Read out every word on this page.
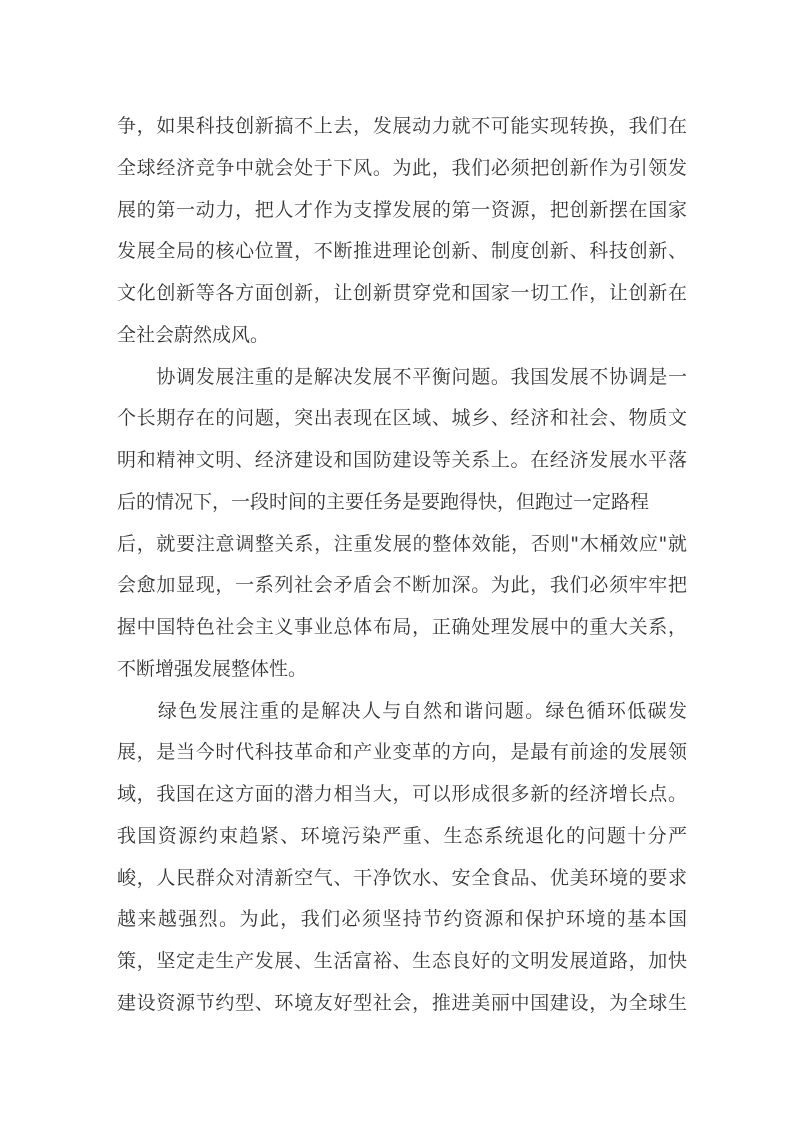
争，如果科技创新搞不上去，发展动力就不可能实现转换，我们在
全球经济竞争中就会处于下风。为此，我们必须把创新作为引领发
展的第一动力，把人才作为支撑发展的第一资源，把创新摆在国家
发展全局的核心位置，不断推进理论创新、制度创新、科技创新、
文化创新等各方面创新，让创新贯穿党和国家一切工作，让创新在
全社会蔚然成风。
　　协调发展注重的是解决发展不平衡问题。我国发展不协调是一
个长期存在的问题，突出表现在区域、城乡、经济和社会、物质文
明和精神文明、经济建设和国防建设等关系上。在经济发展水平落
后的情况下，一段时间的主要任务是要跑得快，但跑过一定路程
后，就要注意调整关系，注重发展的整体效能，否则"木桶效应"就
会愈加显现，一系列社会矛盾会不断加深。为此，我们必须牢牢把
握中国特色社会主义事业总体布局，正确处理发展中的重大关系，
不断增强发展整体性。
　　绿色发展注重的是解决人与自然和谐问题。绿色循环低碳发
展，是当今时代科技革命和产业变革的方向，是最有前途的发展领
域，我国在这方面的潜力相当大，可以形成很多新的经济增长点。
我国资源约束趋紧、环境污染严重、生态系统退化的问题十分严
峻，人民群众对清新空气、干净饮水、安全食品、优美环境的要求
越来越强烈。为此，我们必须坚持节约资源和保护环境的基本国
策，坚定走生产发展、生活富裕、生态良好的文明发展道路，加快
建设资源节约型、环境友好型社会，推进美丽中国建设，为全球生
